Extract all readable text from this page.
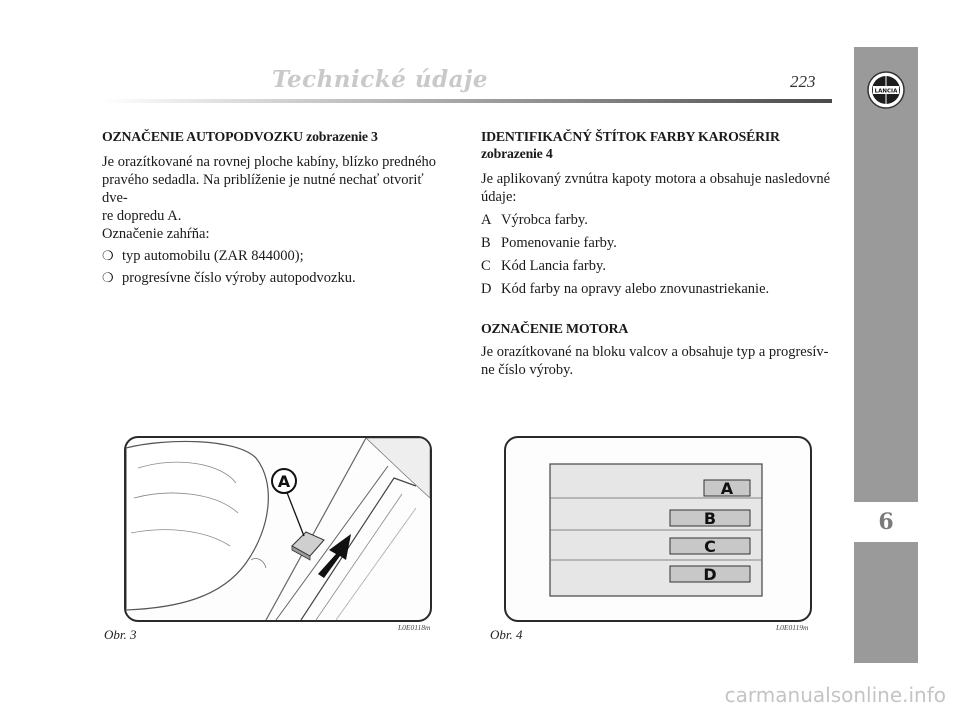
Technické údaje	223
LANCIA
6

OZNAČENIE AUTOPODVOZKU zobrazenie 3

Je orazítkované na rovnej ploche kabíny, blízko predného
pravého sedadla. Na priblíženie je nutné nechať otvoriť dve-
re dopredu A.
Označenie zahŕňa:

❍ typ automobilu (ZAR 844000);
❍ progresívne číslo výroby autopodvozku.

IDENTIFIKAČNÝ ŠTÍTOK FARBY KAROSÉRIR
zobrazenie 4

Je aplikovaný zvnútra kapoty motora a obsahuje nasledovné
údaje:

A Výrobca farby.
B Pomenovanie farby.
C Kód Lancia farby.
D Kód farby na opravy alebo znovunastriekanie.

OZNAČENIE MOTORA

Je orazítkované na bloku valcov a obsahuje typ a progresív-
ne číslo výroby.

A
Obr. 3	L0E0118m
A
B
C
D
Obr. 4	L0E0119m
carmanualsonline.info
